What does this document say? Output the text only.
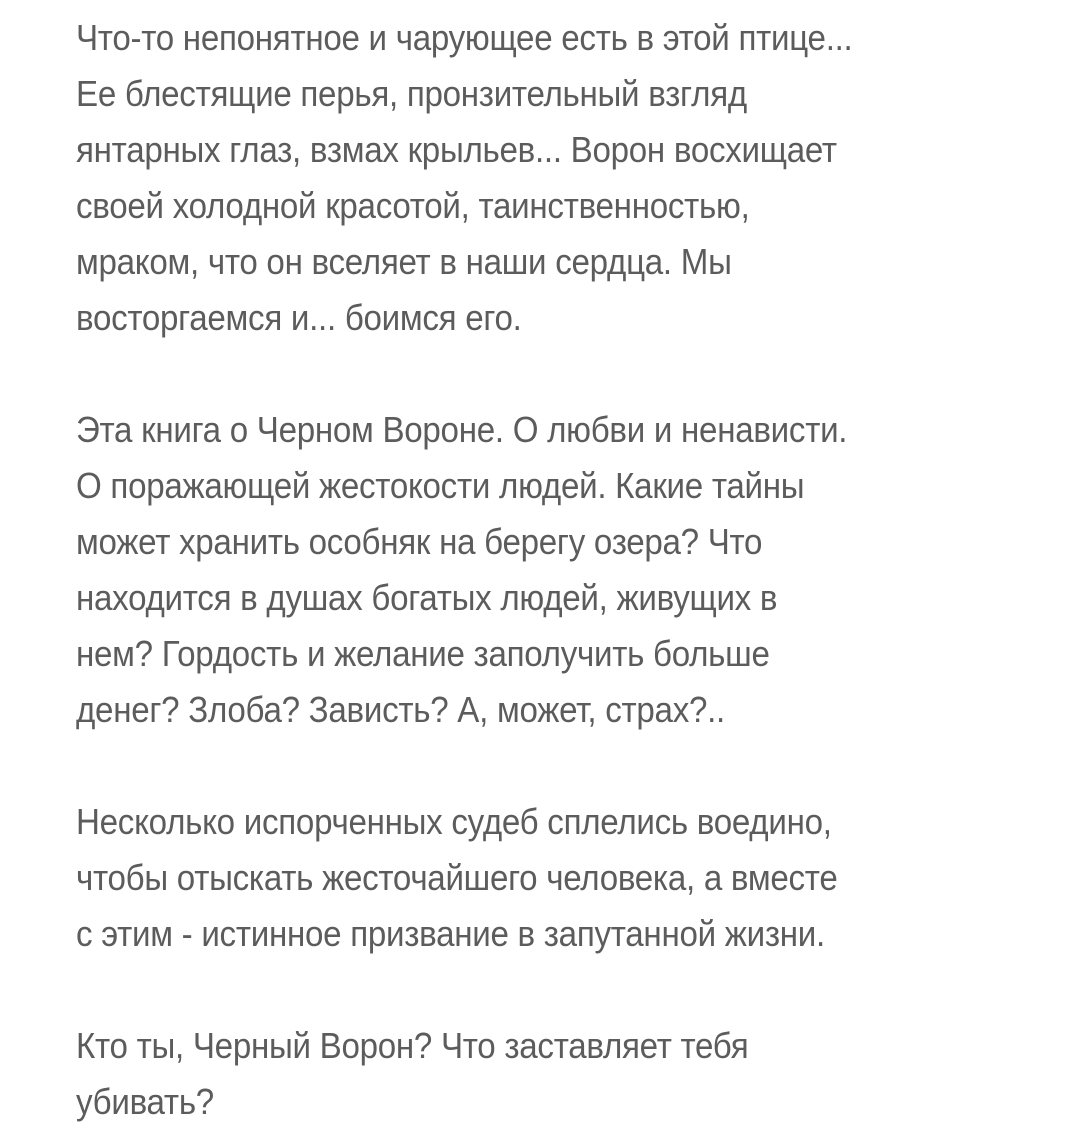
Что-то непонятное и чарующее есть в этой птице...
Ее блестящие перья, пронзительный взгляд
янтарных глаз, взмах крыльев... Ворон восхищает
своей холодной красотой, таинственностью,
мраком, что он вселяет в наши сердца. Мы
восторгаемся и... боимся его.

Эта книга о Черном Вороне. О любви и ненависти.
О поражающей жестокости людей. Какие тайны
может хранить особняк на берегу озера? Что
находится в душах богатых людей, живущих в
нем? Гордость и желание заполучить больше
денег? Злоба? Зависть? А, может, страх?..

Несколько испорченных судеб сплелись воедино,
чтобы отыскать жесточайшего человека, а вместе
с этим - истинное призвание в запутанной жизни.

Кто ты, Черный Ворон? Что заставляет тебя
убивать?
